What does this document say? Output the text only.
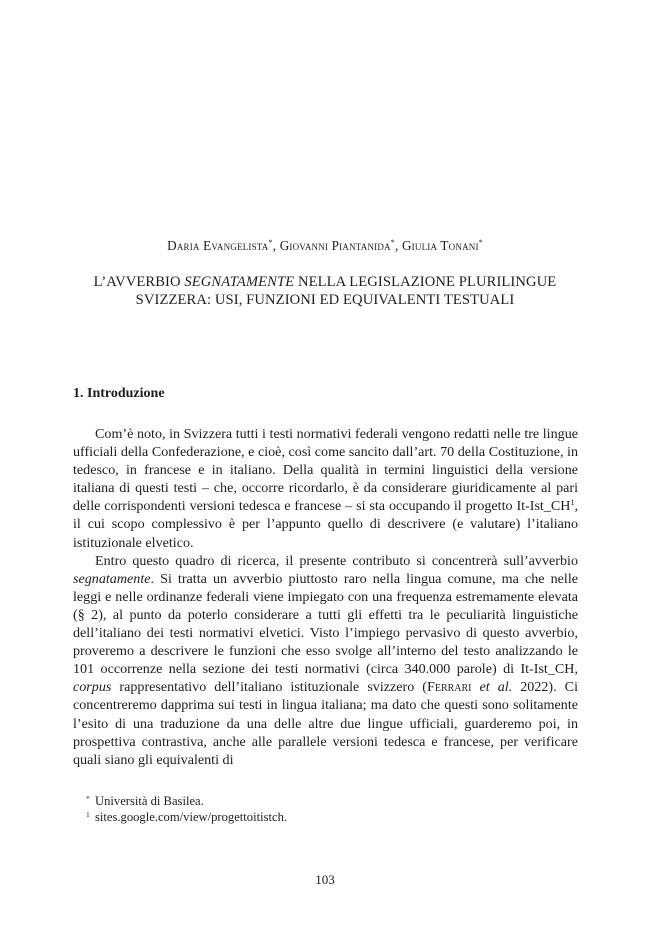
Daria Evangelista*, Giovanni Piantanida*, Giulia Tonani*
L’AVVERBIO SEGNATAMENTE NELLA LEGISLAZIONE PLURILINGUE SVIZZERA: USI, FUNZIONI ED EQUIVALENTI TESTUALI
1. Introduzione

Com’è noto, in Svizzera tutti i testi normativi federali vengono redatti nelle tre lingue ufficiali della Confederazione, e cioè, così come sancito dall’art. 70 della Costituzione, in tedesco, in francese e in italiano. Della qualità in termini linguistici della versione italiana di questi testi – che, occorre ricordarlo, è da considerare giuridicamente al pari delle corrispondenti versioni tedesca e francese – si sta occupando il progetto $It-Ist\_CH^1$, il cui scopo complessivo è per l’appunto quello di descrivere (e valutare) l’italiano istituzionale elvetico.

Entro questo quadro di ricerca, il presente contributo si concentrerà sull’avverbio segnatamente. Si tratta un avverbio piuttosto raro nella lingua comune, ma che nelle leggi e nelle ordinanze federali viene impiegato con una frequenza estremamente elevata (§ 2), al punto da poterlo considerare a tutti gli effetti tra le peculiarità linguistiche dell’italiano dei testi normativi elvetici. Visto l’impiego pervasivo di questo avverbio, proveremo a descrivere le funzioni che esso svolge all’interno del testo analizzando le 101 occorrenze nella sezione dei testi normativi (circa 340.000 parole) di It-Ist_CH, corpus rappresentativo dell’italiano istituzionale svizzero (Ferrari et al. 2022). Ci concentreremo dapprima sui testi in lingua italiana; ma dato che questi sono solitamente l’esito di una traduzione da una delle altre due lingue ufficiali, guarderemo poi, in prospettiva contrastiva, anche alle parallele versioni tedesca e francese, per verificare quali siano gli equivalenti di

* Università di Basilea.
1 sites.google.com/view/progettoitistch.
103
